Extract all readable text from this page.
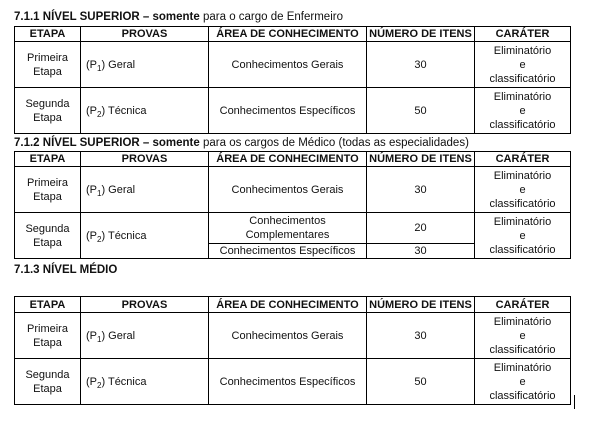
7.1.1 NÍVEL SUPERIOR – somente para o cargo de Enfermeiro
ETAPA	PROVAS	ÁREA DE CONHECIMENTO	NÚMERO DE ITENS	CARÁTER
Primeira
Etapa	$(P_1)$ Geral	Conhecimentos Gerais	30	Eliminatório
e
classificatório
Segunda
Etapa	$(P_2)$ Técnica	Conhecimentos Específicos	50	Eliminatório
e
classificatório
7.1.2 NÍVEL SUPERIOR – somente para os cargos de Médico (todas as especialidades)
ETAPA	PROVAS	ÁREA DE CONHECIMENTO	NÚMERO DE ITENS	CARÁTER
Primeira
Etapa	$(P_1)$ Geral	Conhecimentos Gerais	30	Eliminatório
e
classificatório
Segunda
Etapa	$(P_2)$ Técnica	Conhecimentos
Complementares	20	Eliminatório
e
classificatório
		Conhecimentos Específicos	30	
7.1.3 NÍVEL MÉDIO
ETAPA	PROVAS	ÁREA DE CONHECIMENTO	NÚMERO DE ITENS	CARÁTER
Primeira
Etapa	$(P_1)$ Geral	Conhecimentos Gerais	30	Eliminatório
e
classificatório
Segunda
Etapa	$(P_2)$ Técnica	Conhecimentos Específicos	50	Eliminatório
e
classificatório
